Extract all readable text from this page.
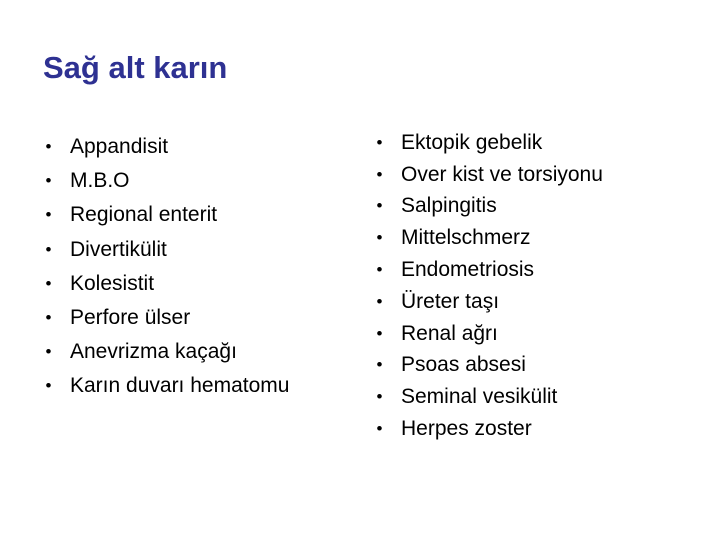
Sağ alt karın
• Appandisit
• M.B.O
• Regional enterit
• Divertikülit
• Kolesistit
• Perfore ülser
• Anevrizma kaçağı
• Karın duvarı hematomu
• Ektopik gebelik
• Over kist ve torsiyonu
• Salpingitis
• Mittelschmerz
• Endometriosis
• Üreter taşı
• Renal ağrı
• Psoas absesi
• Seminal vesikülit
• Herpes zoster
